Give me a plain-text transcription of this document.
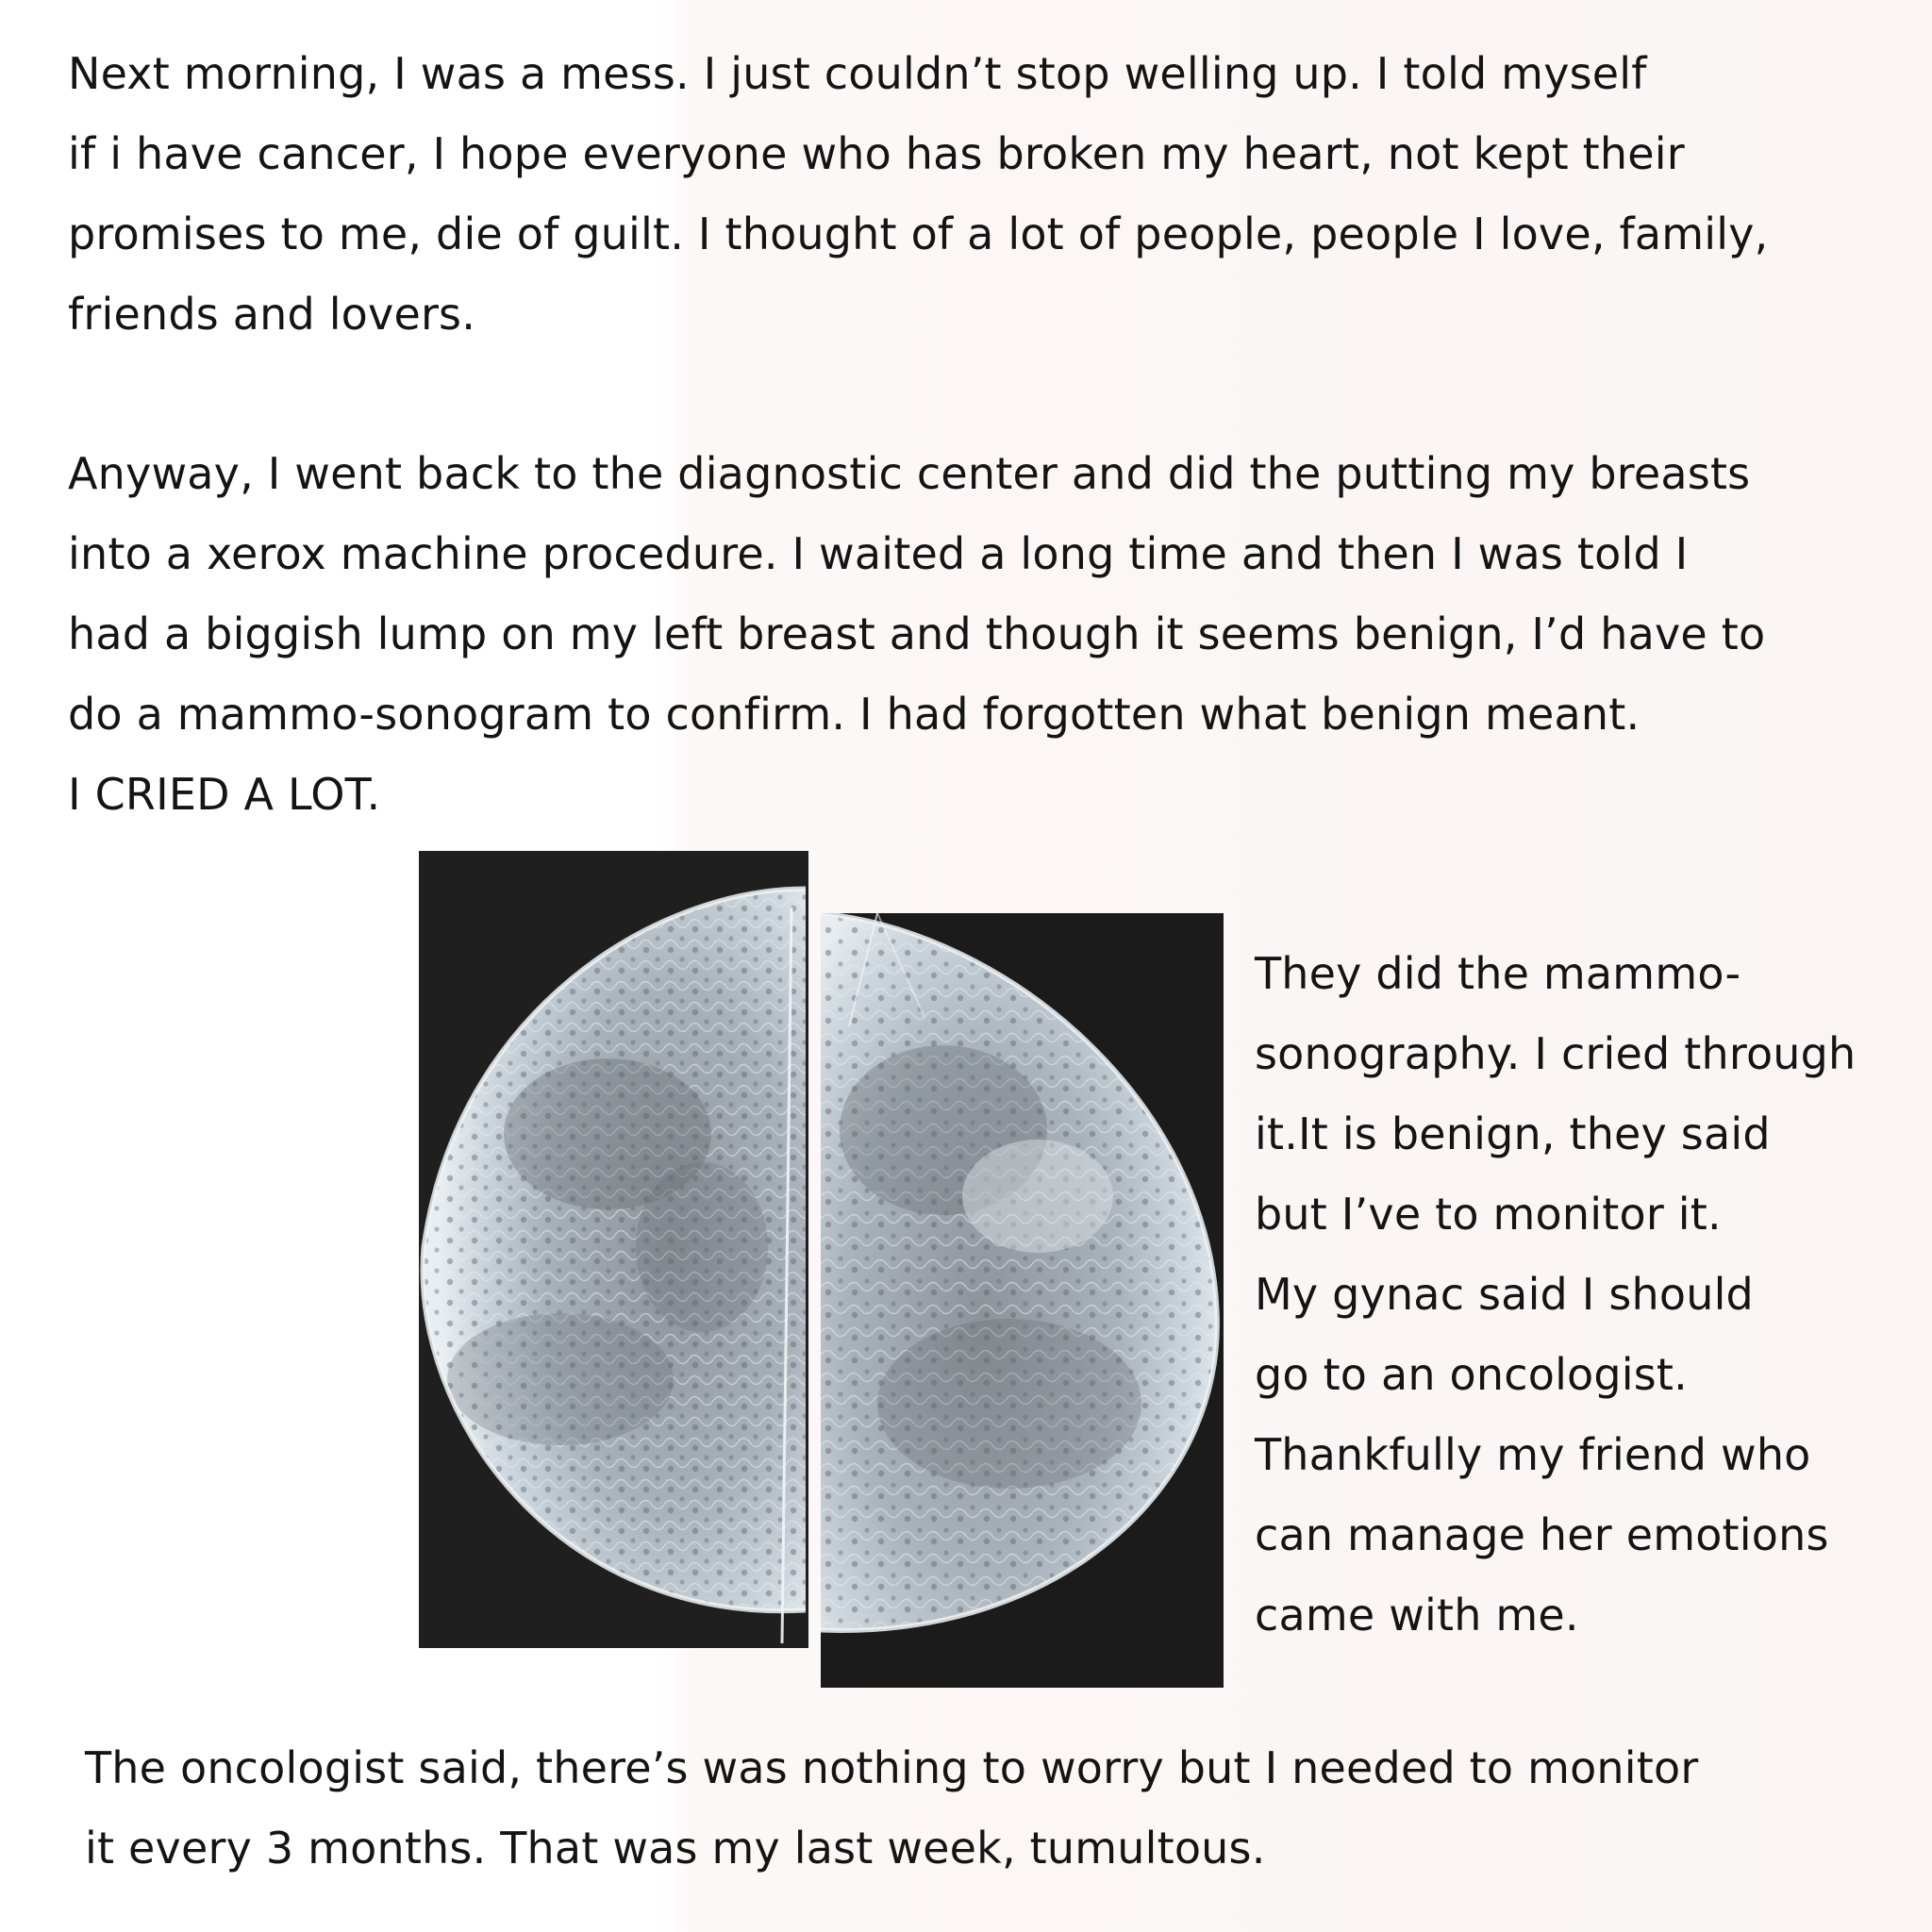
Next morning, I was a mess. I just couldn’t stop welling up. I told myself
if i have cancer, I hope everyone who has broken my heart, not kept their
promises to me, die of guilt. I thought of a lot of people, people I love, family,
friends and lovers.
Anyway, I went back to the diagnostic center and did the putting my breasts
into a xerox machine procedure. I waited a long time and then I was told I
had a biggish lump on my left breast and though it seems benign, I’d have to
do a mammo-sonogram to confirm. I had forgotten what benign meant.
I CRIED A LOT.
They did the mammo-
sonography. I cried through
it.It is benign, they said
but I’ve to monitor it.
My gynac said I should
go to an oncologist.
Thankfully my friend who
can manage her emotions
came with me.
The oncologist said, there’s was nothing to worry but I needed to monitor
it every 3 months. That was my last week, tumultous.
